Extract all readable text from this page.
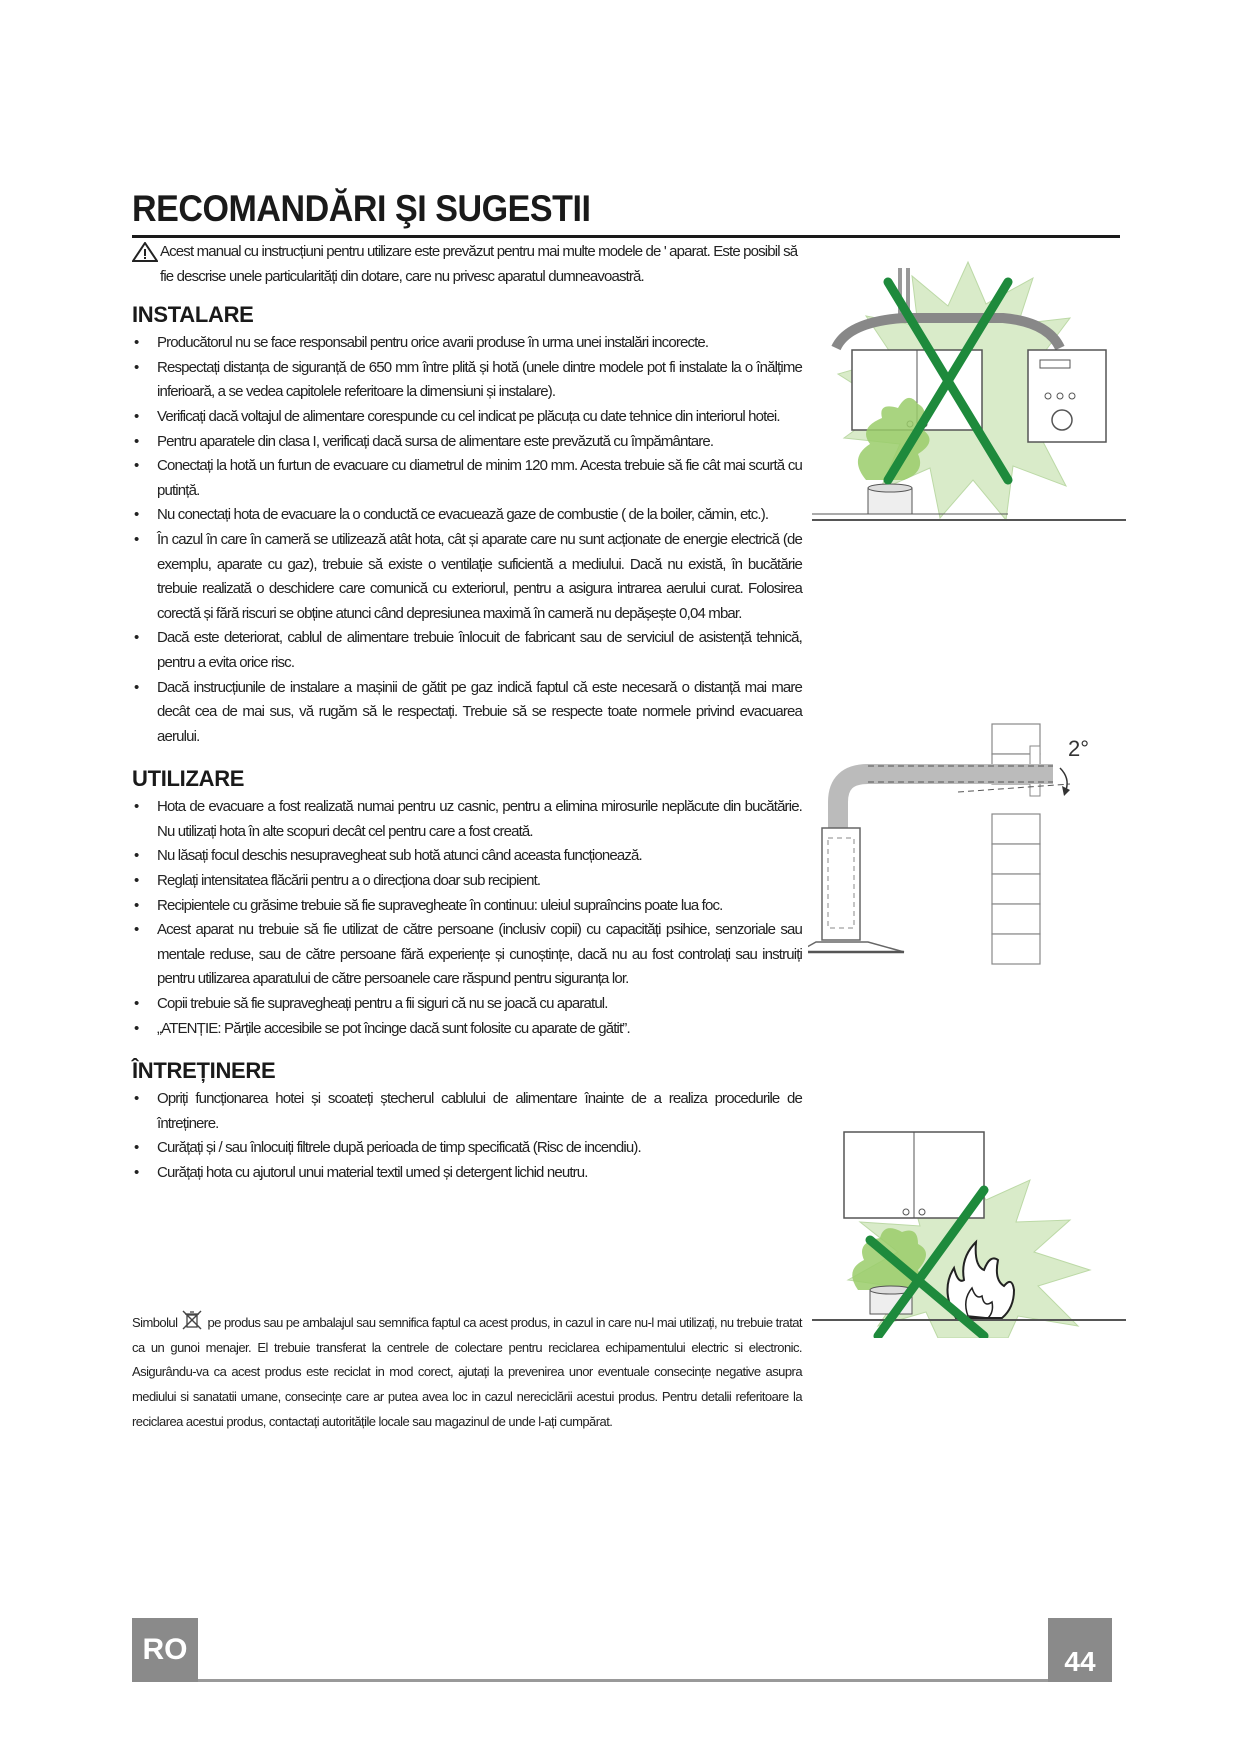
RECOMANDĂRI ŞI SUGESTII
Acest manual cu instrucțiuni pentru utilizare este prevăzut pentru mai multe modele de ' aparat. Este posibil să fie descrise unele particularități din dotare, care nu privesc aparatul dumneavoastră.
INSTALARE
• Producătorul nu se face responsabil pentru orice avarii produse în urma unei instalări incorecte.
• Respectați distanța de siguranță de 650 mm între plită și hotă (unele dintre modele pot fi instalate la o înălțime inferioară, a se vedea capitolele referitoare la dimensiuni și instalare).
• Verificați dacă voltajul de alimentare corespunde cu cel indicat pe plăcuța cu date tehnice din interiorul hotei.
• Pentru aparatele din clasa I, verificați dacă sursa de alimentare este prevăzută cu împământare.
• Conectați la hotă un furtun de evacuare cu diametrul de minim 120 mm. Acesta trebuie să fie cât mai scurtă cu putință.
• Nu conectați hota de evacuare la o conductă ce evacuează gaze de combustie ( de la boiler, cămin, etc.).
• În cazul în care în cameră se utilizează atât hota, cât și aparate care nu sunt acționate de energie electrică (de exemplu, aparate cu gaz), trebuie să existe o ventilație suficientă a mediului. Dacă nu există, în bucătărie trebuie realizată o deschidere care comunică cu exteriorul, pentru a asigura intrarea aerului curat. Folosirea corectă și fără riscuri se obține atunci când depresiunea maximă în cameră nu depășește 0,04 mbar.
• Dacă este deteriorat, cablul de alimentare trebuie înlocuit de fabricant sau de serviciul de asistență tehnică, pentru a evita orice risc.
• Dacă instrucțiunile de instalare a mașinii de gătit pe gaz indică faptul că este necesară o distanță mai mare decât cea de mai sus, vă rugăm să le respectați. Trebuie să se respecte toate normele privind evacuarea aerului.
UTILIZARE
• Hota de evacuare a fost realizată numai pentru uz casnic, pentru a elimina mirosurile neplăcute din bucătărie. Nu utilizați hota în alte scopuri decât cel pentru care a fost creată.
• Nu lăsați focul deschis nesupravegheat sub hotă atunci când aceasta funcționează.
• Reglați intensitatea flăcării pentru a o direcționa doar sub recipient.
• Recipientele cu grăsime trebuie să fie supravegheate în continuu: uleiul supraîncins poate lua foc.
• Acest aparat nu trebuie să fie utilizat de către persoane (inclusiv copii) cu capacități psihice, senzoriale sau mentale reduse, sau de către persoane fără experiențe și cunoștințe, dacă nu au fost controlați sau instruiți pentru utilizarea aparatului de către persoanele care răspund pentru siguranța lor.
• Copii trebuie să fie supravegheați pentru a fii siguri că nu se joacă cu aparatul.
• „ATENȚIE: Părțile accesibile se pot încinge dacă sunt folosite cu aparate de gătit”.
ÎNTREȚINERE
• Opriți funcționarea hotei și scoateți ștecherul cablului de alimentare înainte de a realiza procedurile de întreținere.
• Curățați și / sau înlocuiți filtrele după perioada de timp specificată (Risc de incendiu).
• Curățați hota cu ajutorul unui material textil umed și detergent lichid neutru.
Simbolul pe produs sau pe ambalajul sau semnifica faptul ca acest produs, in cazul in care nu-l mai utilizați, nu trebuie tratat ca un gunoi menajer. El trebuie transferat la centrele de colectare pentru reciclarea echipamentului electric si electronic. Asigurându-va ca acest produs este reciclat in mod corect, ajutați la prevenirea unor eventuale consecințe negative asupra mediului si sanatatii umane, consecințe care ar putea avea loc in cazul nereciclării acestui produs. Pentru detalii referitoare la reciclarea acestui produs, contactați autoritățile locale sau magazinul de unde l-ați cumpărat.
2°
RO	44
